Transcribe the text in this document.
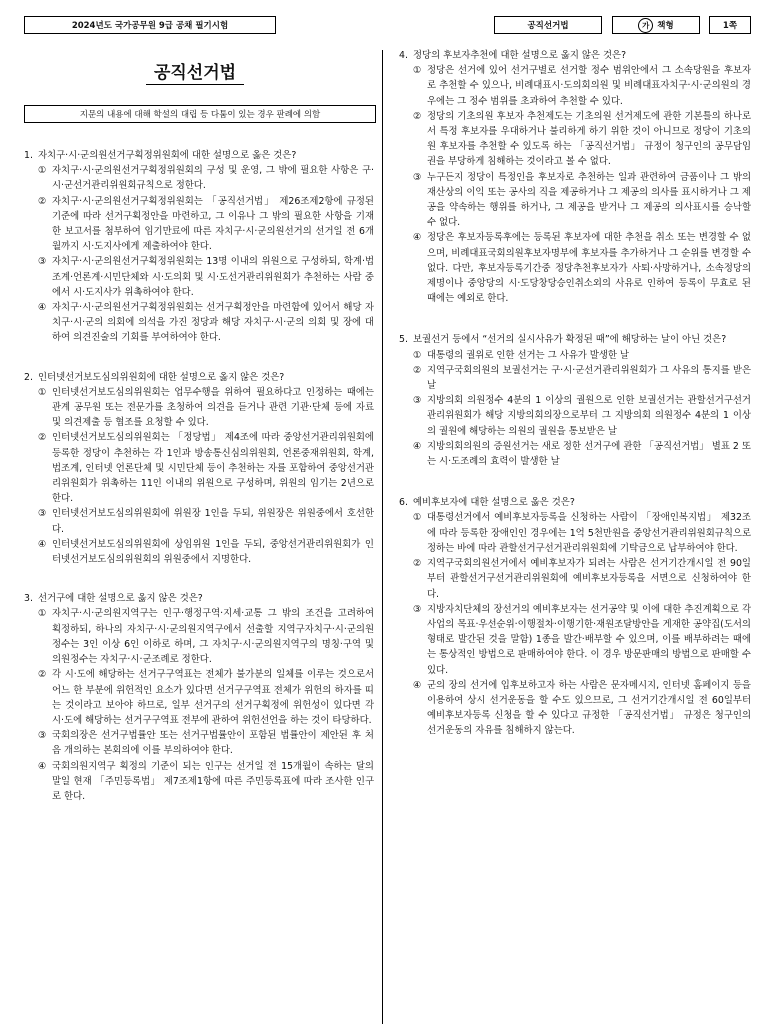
2024년도 국가공무원 9급 공채 필기시험	공직선거법	가 책형	1쪽
공직선거법
지문의 내용에 대해 학설의 대립 등 다툼이 있는 경우 판례에 의함
1. 자치구·시·군의원선거구획정위원회에 대한 설명으로 옳은 것은?
① 자치구·시·군의원선거구획정위원회의 구성 및 운영, 그 밖에 필요한 사항은 구·시·군선거관리위원회규칙으로 정한다.
② 자치구·시·군의원선거구획정위원회는 「공직선거법」 제26조제2항에 규정된 기준에 따라 선거구획정안을 마련하고, 그 이유나 그 밖의 필요한 사항을 기재한 보고서를 첨부하여 임기만료에 따른 자치구·시·군의원선거의 선거일 전 6개월까지 시·도지사에게 제출하여야 한다.
③ 자치구·시·군의원선거구획정위원회는 13명 이내의 위원으로 구성하되, 학계·법조계·언론계·시민단체와 시·도의회 및 시·도선거관리위원회가 추천하는 사람 중에서 시·도지사가 위촉하여야 한다.
④ 자치구·시·군의원선거구획정위원회는 선거구획정안을 마련함에 있어서 해당 자치구·시·군의 의회에 의석을 가진 정당과 해당 자치구·시·군의 의회 및 장에 대하여 의견진술의 기회를 부여하여야 한다.
2. 인터넷선거보도심의위원회에 대한 설명으로 옳지 않은 것은?
① 인터넷선거보도심의위원회는 업무수행을 위하여 필요하다고 인정하는 때에는 관계 공무원 또는 전문가를 초청하여 의견을 듣거나 관련 기관·단체 등에 자료 및 의견제출 등 협조를 요청할 수 있다.
② 인터넷선거보도심의위원회는 「정당법」 제4조에 따라 중앙선거관리위원회에 등록한 정당이 추천하는 각 1인과 방송통신심의위원회, 언론중재위원회, 학계, 법조계, 인터넷 언론단체 및 시민단체 등이 추천하는 자를 포함하여 중앙선거관리위원회가 위촉하는 11인 이내의 위원으로 구성하며, 위원의 임기는 2년으로 한다.
③ 인터넷선거보도심의위원회에 위원장 1인을 두되, 위원장은 위원중에서 호선한다.
④ 인터넷선거보도심의위원회에 상임위원 1인을 두되, 중앙선거관리위원회가 인터넷선거보도심의위원회의 위원중에서 지명한다.
3. 선거구에 대한 설명으로 옳지 않은 것은?
① 자치구·시·군의원지역구는 인구·행정구역·지세·교통 그 밖의 조건을 고려하여 획정하되, 하나의 자치구·시·군의원지역구에서 선출할 지역구자치구·시·군의원정수는 3인 이상 6인 이하로 하며, 그 자치구·시·군의원지역구의 명칭·구역 및 의원정수는 자치구·시·군조례로 정한다.
② 각 시·도에 해당하는 선거구구역표는 전체가 불가분의 일체를 이루는 것으로서 어느 한 부분에 위헌적인 요소가 있다면 선거구구역표 전체가 위헌의 하자를 띠는 것이라고 보아야 하므로, 일부 선거구의 선거구획정에 위헌성이 있다면 각 시·도에 해당하는 선거구구역표 전부에 관하여 위헌선언을 하는 것이 타당하다.
③ 국회의장은 선거구법률안 또는 선거구법률안이 포함된 법률안이 제안된 후 처음 개의하는 본회의에 이를 부의하여야 한다.
④ 국회의원지역구 획정의 기준이 되는 인구는 선거일 전 15개월이 속하는 달의 말일 현재 「주민등록법」 제7조제1항에 따른 주민등록표에 따라 조사한 인구로 한다.
4. 정당의 후보자추천에 대한 설명으로 옳지 않은 것은?
① 정당은 선거에 있어 선거구별로 선거할 정수 범위안에서 그 소속당원을 후보자로 추천할 수 있으나, 비례대표시·도의회의원 및 비례대표자치구·시·군의원의 경우에는 그 정수 범위를 초과하여 추천할 수 있다.
② 정당의 기초의원 후보자 추천제도는 기초의원 선거제도에 관한 기본틀의 하나로서 특정 후보자를 우대하거나 불리하게 하기 위한 것이 아니므로 정당이 기초의원 후보자를 추천할 수 있도록 하는 「공직선거법」 규정이 청구인의 공무담임권을 부당하게 침해하는 것이라고 볼 수 없다.
③ 누구든지 정당이 특정인을 후보자로 추천하는 일과 관련하여 금품이나 그 밖의 재산상의 이익 또는 공사의 직을 제공하거나 그 제공의 의사를 표시하거나 그 제공을 약속하는 행위를 하거나, 그 제공을 받거나 그 제공의 의사표시를 승낙할 수 없다.
④ 정당은 후보자등록후에는 등록된 후보자에 대한 추천을 취소 또는 변경할 수 없으며, 비례대표국회의원후보자명부에 후보자를 추가하거나 그 순위를 변경할 수 없다. 다만, 후보자등록기간중 정당추천후보자가 사퇴·사망하거나, 소속정당의 제명이나 중앙당의 시·도당창당승인취소외의 사유로 인하여 등록이 무효로 된 때에는 예외로 한다.
5. 보궐선거 등에서 “선거의 실시사유가 확정된 때”에 해당하는 날이 아닌 것은?
① 대통령의 궐위로 인한 선거는 그 사유가 발생한 날
② 지역구국회의원의 보궐선거는 구·시·군선거관리위원회가 그 사유의 통지를 받은 날
③ 지방의회 의원정수 4분의 1 이상의 궐원으로 인한 보궐선거는 관할선거구선거관리위원회가 해당 지방의회의장으로부터 그 지방의회 의원정수 4분의 1 이상의 궐원에 해당하는 의원의 궐원을 통보받은 날
④ 지방의회의원의 증원선거는 새로 정한 선거구에 관한 「공직선거법」 별표 2 또는 시·도조례의 효력이 발생한 날
6. 예비후보자에 대한 설명으로 옳은 것은?
① 대통령선거에서 예비후보자등록을 신청하는 사람이 「장애인복지법」 제32조에 따라 등록한 장애인인 경우에는 1억 5천만원을 중앙선거관리위원회규칙으로 정하는 바에 따라 관할선거구선거관리위원회에 기탁금으로 납부하여야 한다.
② 지역구국회의원선거에서 예비후보자가 되려는 사람은 선거기간개시일 전 90일부터 관할선거구선거관리위원회에 예비후보자등록을 서면으로 신청하여야 한다.
③ 지방자치단체의 장선거의 예비후보자는 선거공약 및 이에 대한 추진계획으로 각 사업의 목표·우선순위·이행절차·이행기한·재원조달방안을 게재한 공약집(도서의 형태로 발간된 것을 말함) 1종을 발간·배부할 수 있으며, 이를 배부하려는 때에는 통상적인 방법으로 판매하여야 한다. 이 경우 방문판매의 방법으로 판매할 수 있다.
④ 군의 장의 선거에 입후보하고자 하는 사람은 문자메시지, 인터넷 홈페이지 등을 이용하여 상시 선거운동을 할 수도 있으므로, 그 선거기간개시일 전 60일부터 예비후보자등록 신청을 할 수 있다고 규정한 「공직선거법」 규정은 청구인의 선거운동의 자유를 침해하지 않는다.
